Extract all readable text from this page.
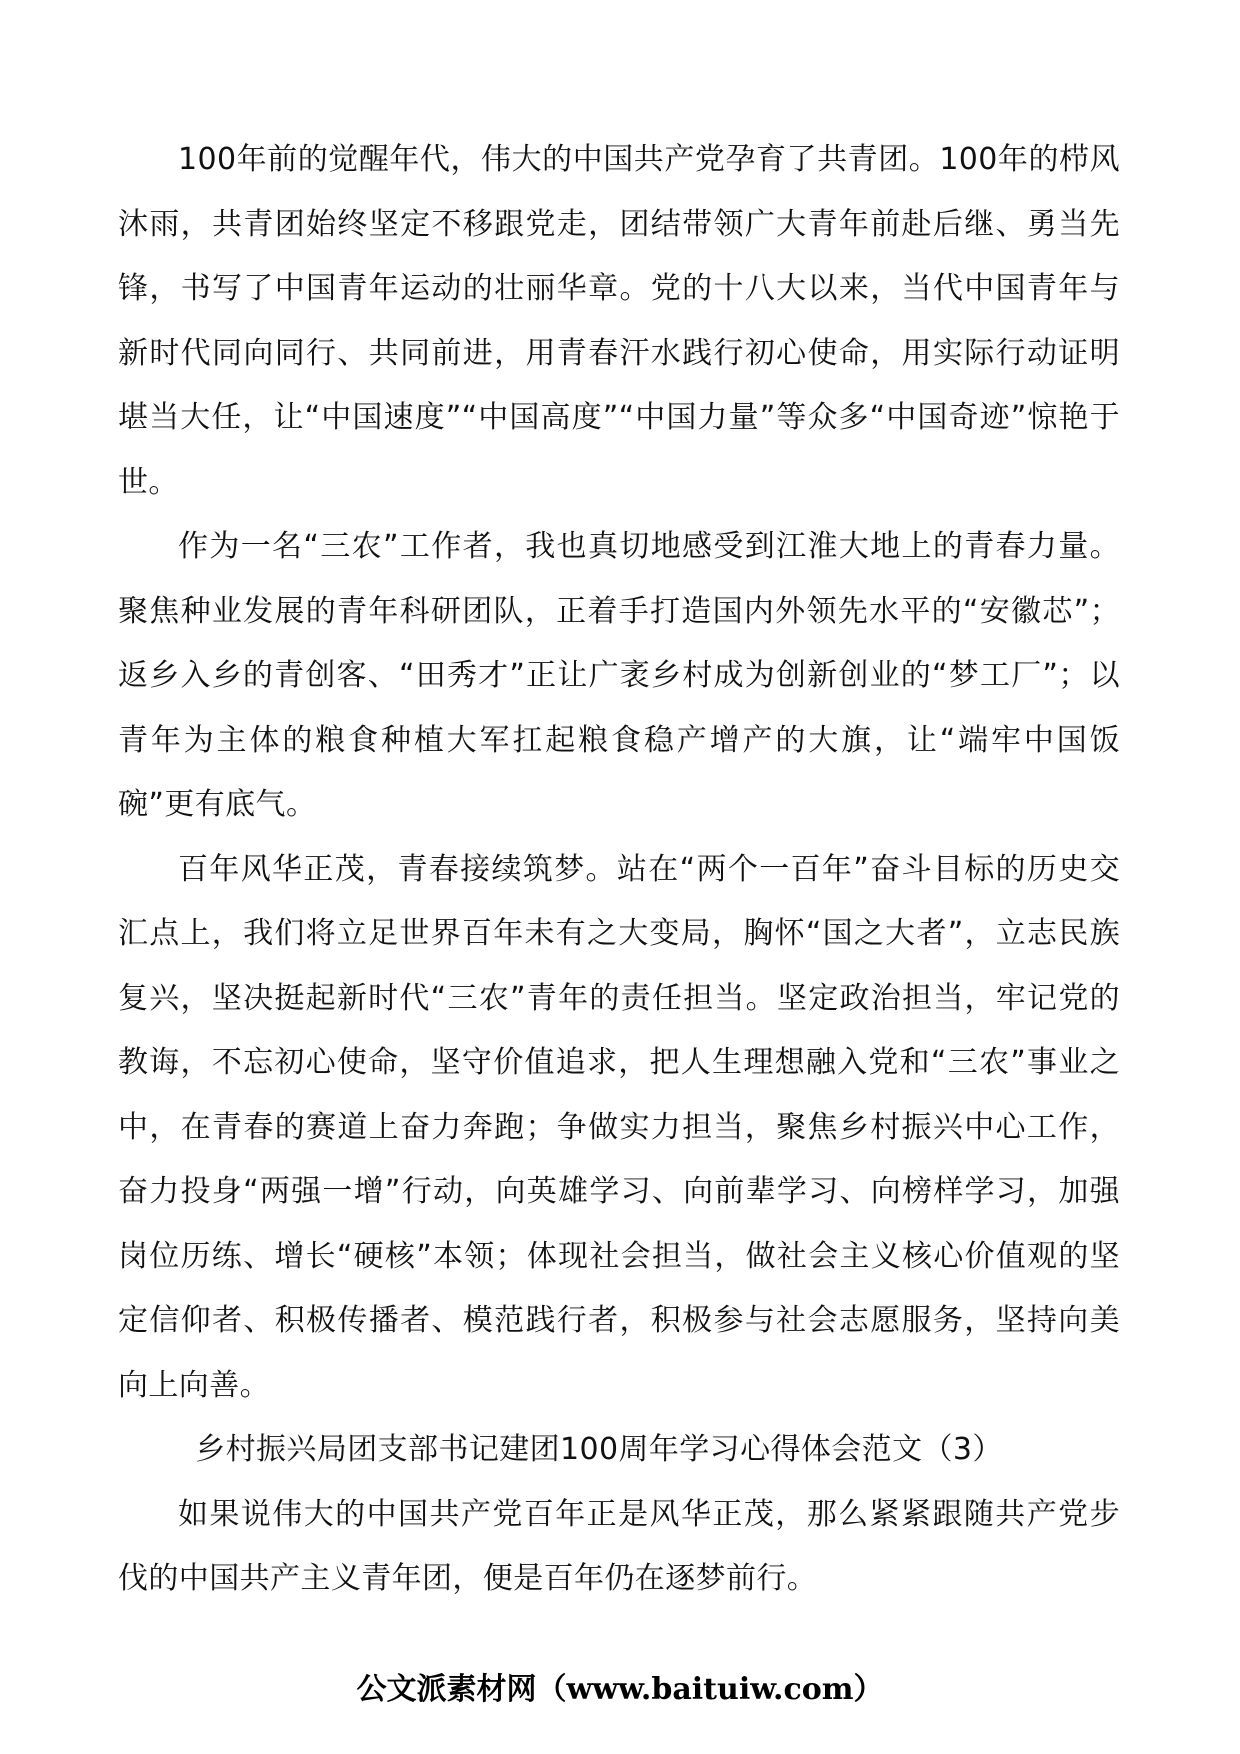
100年前的觉醒年代，伟大的中国共产党孕育了共青团。100年的栉风沐雨，共青团始终坚定不移跟党走，团结带领广大青年前赴后继、勇当先锋，书写了中国青年运动的壮丽华章。党的十八大以来，当代中国青年与新时代同向同行、共同前进，用青春汗水践行初心使命，用实际行动证明堪当大任，让“中国速度”“中国高度”“中国力量”等众多“中国奇迹”惊艳于世。

作为一名“三农”工作者，我也真切地感受到江淮大地上的青春力量。聚焦种业发展的青年科研团队，正着手打造国内外领先水平的“安徽芯”；返乡入乡的青创客、“田秀才”正让广袤乡村成为创新创业的“梦工厂”；以青年为主体的粮食种植大军扛起粮食稳产增产的大旗，让“端牢中国饭碗”更有底气。

百年风华正茂，青春接续筑梦。站在“两个一百年”奋斗目标的历史交汇点上，我们将立足世界百年未有之大变局，胸怀“国之大者”，立志民族复兴，坚决挺起新时代“三农”青年的责任担当。坚定政治担当，牢记党的教诲，不忘初心使命，坚守价值追求，把人生理想融入党和“三农”事业之中，在青春的赛道上奋力奔跑；争做实力担当，聚焦乡村振兴中心工作，奋力投身“两强一增”行动，向英雄学习、向前辈学习、向榜样学习，加强岗位历练、增长“硬核”本领；体现社会担当，做社会主义核心价值观的坚定信仰者、积极传播者、模范践行者，积极参与社会志愿服务，坚持向美向上向善。

乡村振兴局团支部书记建团100周年学习心得体会范文（3）

如果说伟大的中国共产党百年正是风华正茂，那么紧紧跟随共产党步伐的中国共产主义青年团，便是百年仍在逐梦前行。

公文派素材网（www.baituiw.com）
